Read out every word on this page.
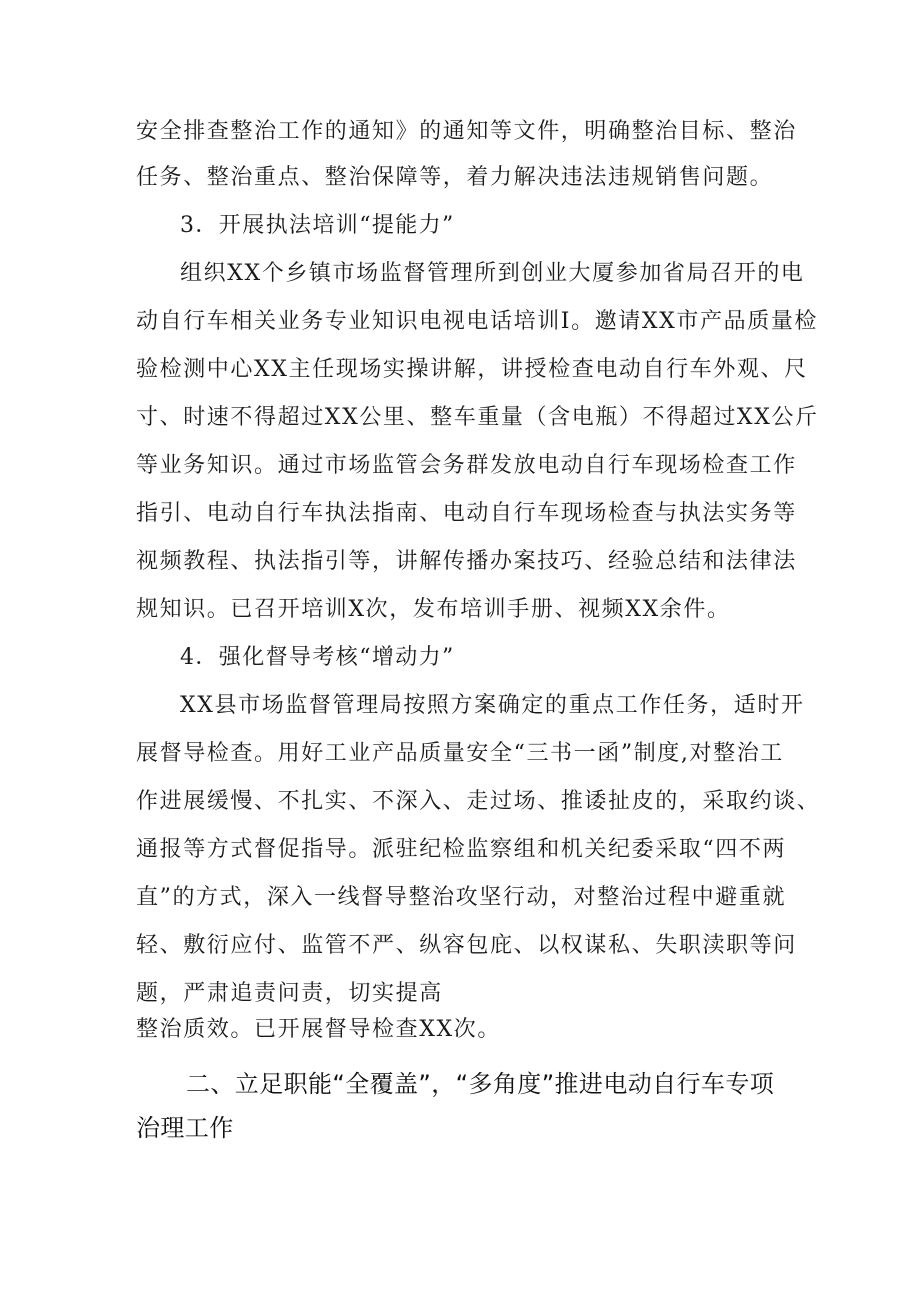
安全排查整治工作的通知》的通知等文件，明确整治目标、整治
任务、整治重点、整治保障等，着力解决违法违规销售问题。
3．开展执法培训“提能力”
组织XX个乡镇市场监督管理所到创业大厦参加省局召开的电
动自行车相关业务专业知识电视电话培训I。邀请XX市产品质量检
验检测中心XX主任现场实操讲解，讲授检查电动自行车外观、尺
寸、时速不得超过XX公里、整车重量（含电瓶）不得超过XX公斤
等业务知识。通过市场监管会务群发放电动自行车现场检查工作
指引、电动自行车执法指南、电动自行车现场检查与执法实务等
视频教程、执法指引等，讲解传播办案技巧、经验总结和法律法
规知识。已召开培训X次，发布培训手册、视频XX余件。
4．强化督导考核“增动力”
XX县市场监督管理局按照方案确定的重点工作任务，适时开
展督导检查。用好工业产品质量安全“三书一函”制度,对整治工
作进展缓慢、不扎实、不深入、走过场、推诿扯皮的，采取约谈、
通报等方式督促指导。派驻纪检监察组和机关纪委采取“四不两
直”的方式，深入一线督导整治攻坚行动，对整治过程中避重就
轻、敷衍应付、监管不严、纵容包庇、以权谋私、失职渎职等问
题，严肃追责问责，切实提高
整治质效。已开展督导检查XX次。
二、立足职能“全覆盖”，“多角度”推进电动自行车专项
治理工作
